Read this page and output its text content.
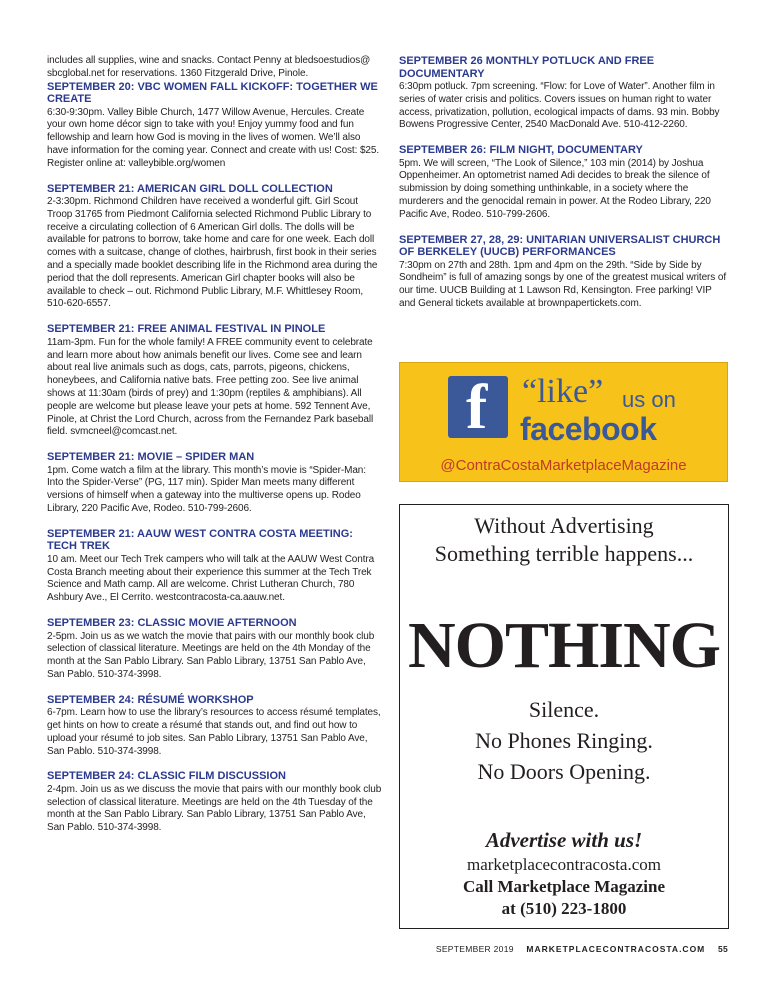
includes all supplies, wine and snacks. Contact Penny at bledsoestudios@ sbcglobal.net for reservations. 1360 Fitzgerald Drive, Pinole.

SEPTEMBER 20: VBC WOMEN FALL KICKOFF: TOGETHER WE CREATE

6:30-9:30pm. Valley Bible Church, 1477 Willow Avenue, Hercules. Create your own home décor sign to take with you! Enjoy yummy food and fun fellowship and learn how God is moving in the lives of women. We’ll also have information for the coming year. Connect and create with us! Cost: $25. Register online at: valleybible.org/women

SEPTEMBER 21: AMERICAN GIRL DOLL COLLECTION

2-3:30pm. Richmond Children have received a wonderful gift. Girl Scout Troop 31765 from Piedmont California selected Richmond Public Library to receive a circulating collection of 6 American Girl dolls. The dolls will be available for patrons to borrow, take home and care for one week. Each doll comes with a suitcase, change of clothes, hairbrush, first book in their series and a specially made booklet describing life in the Richmond area during the period that the doll represents. American Girl chapter books will also be available to check – out. Richmond Public Library, M.F. Whittlesey Room, 510-620-6557.

SEPTEMBER 21: FREE ANIMAL FESTIVAL IN PINOLE

11am-3pm. Fun for the whole family! A FREE community event to celebrate and learn more about how animals benefit our lives. Come see and learn about real live animals such as dogs, cats, parrots, pigeons, chickens, honeybees, and California native bats. Free petting zoo. See live animal shows at 11:30am (birds of prey) and 1:30pm (reptiles & amphibians). All people are welcome but please leave your pets at home. 592 Tennent Ave, Pinole, at Christ the Lord Church, across from the Fernandez Park baseball field. svmcneel@comcast.net.

SEPTEMBER 21: MOVIE – SPIDER MAN

1pm. Come watch a film at the library. This month’s movie is “Spider-Man: Into the Spider-Verse” (PG, 117 min). Spider Man meets many different versions of himself when a gateway into the multiverse opens up. Rodeo Library, 220 Pacific Ave, Rodeo. 510-799-2606.

SEPTEMBER 21: AAUW WEST CONTRA COSTA MEETING: TECH TREK

10 am. Meet our Tech Trek campers who will talk at the AAUW West Contra Costa Branch meeting about their experience this summer at the Tech Trek Science and Math camp. All are welcome. Christ Lutheran Church, 780 Ashbury Ave., El Cerrito. westcontracosta-ca.aauw.net.

SEPTEMBER 23: CLASSIC MOVIE AFTERNOON

2-5pm. Join us as we watch the movie that pairs with our monthly book club selection of classical literature. Meetings are held on the 4th Monday of the month at the San Pablo Library. San Pablo Library, 13751 San Pablo Ave, San Pablo. 510-374-3998.

SEPTEMBER 24: RÉSUMÉ WORKSHOP

6-7pm. Learn how to use the library’s resources to access résumé templates, get hints on how to create a résumé that stands out, and find out how to upload your résumé to job sites. San Pablo Library, 13751 San Pablo Ave, San Pablo. 510-374-3998.

SEPTEMBER 24: CLASSIC FILM DISCUSSION

2-4pm. Join us as we discuss the movie that pairs with our monthly book club selection of classical literature. Meetings are held on the 4th Tuesday of the month at the San Pablo Library. San Pablo Library, 13751 San Pablo Ave, San Pablo. 510-374-3998.

SEPTEMBER 26 MONTHLY POTLUCK AND FREE DOCUMENTARY

6:30pm potluck. 7pm screening. “Flow: for Love of Water”. Another film in series of water crisis and politics. Covers issues on human right to water access, privatization, pollution, ecological impacts of dams. 93 min. Bobby Bowens Progressive Center, 2540 MacDonald Ave. 510-412-2260.

SEPTEMBER 26: FILM NIGHT, DOCUMENTARY

5pm. We will screen, “The Look of Silence,” 103 min (2014) by Joshua Oppenheimer. An optometrist named Adi decides to break the silence of submission by doing something unthinkable, in a society where the murderers and the genocidal remain in power. At the Rodeo Library, 220 Pacific Ave, Rodeo. 510-799-2606.

SEPTEMBER 27, 28, 29: UNITARIAN UNIVERSALIST CHURCH OF BERKELEY (UUCB) PERFORMANCES

7:30pm on 27th and 28th. 1pm and 4pm on the 29th. “Side by Side by Sondheim” is full of amazing songs by one of the greatest musical writers of our time. UUCB Building at 1 Lawson Rd, Kensington. Free parking! VIP and General tickets available at brownpapertickets.com.

f “like” us on
facebook
@ContraCostaMarketplaceMagazine
Without Advertising
Something terrible happens...
NOTHING
Silence.
No Phones Ringing.
No Doors Opening.
Advertise with us!
marketplacecontracosta.com
Call Marketplace Magazine
at (510) 223-1800
SEPTEMBER 2019 MARKETPLACECONTRACOSTA.COM 55
